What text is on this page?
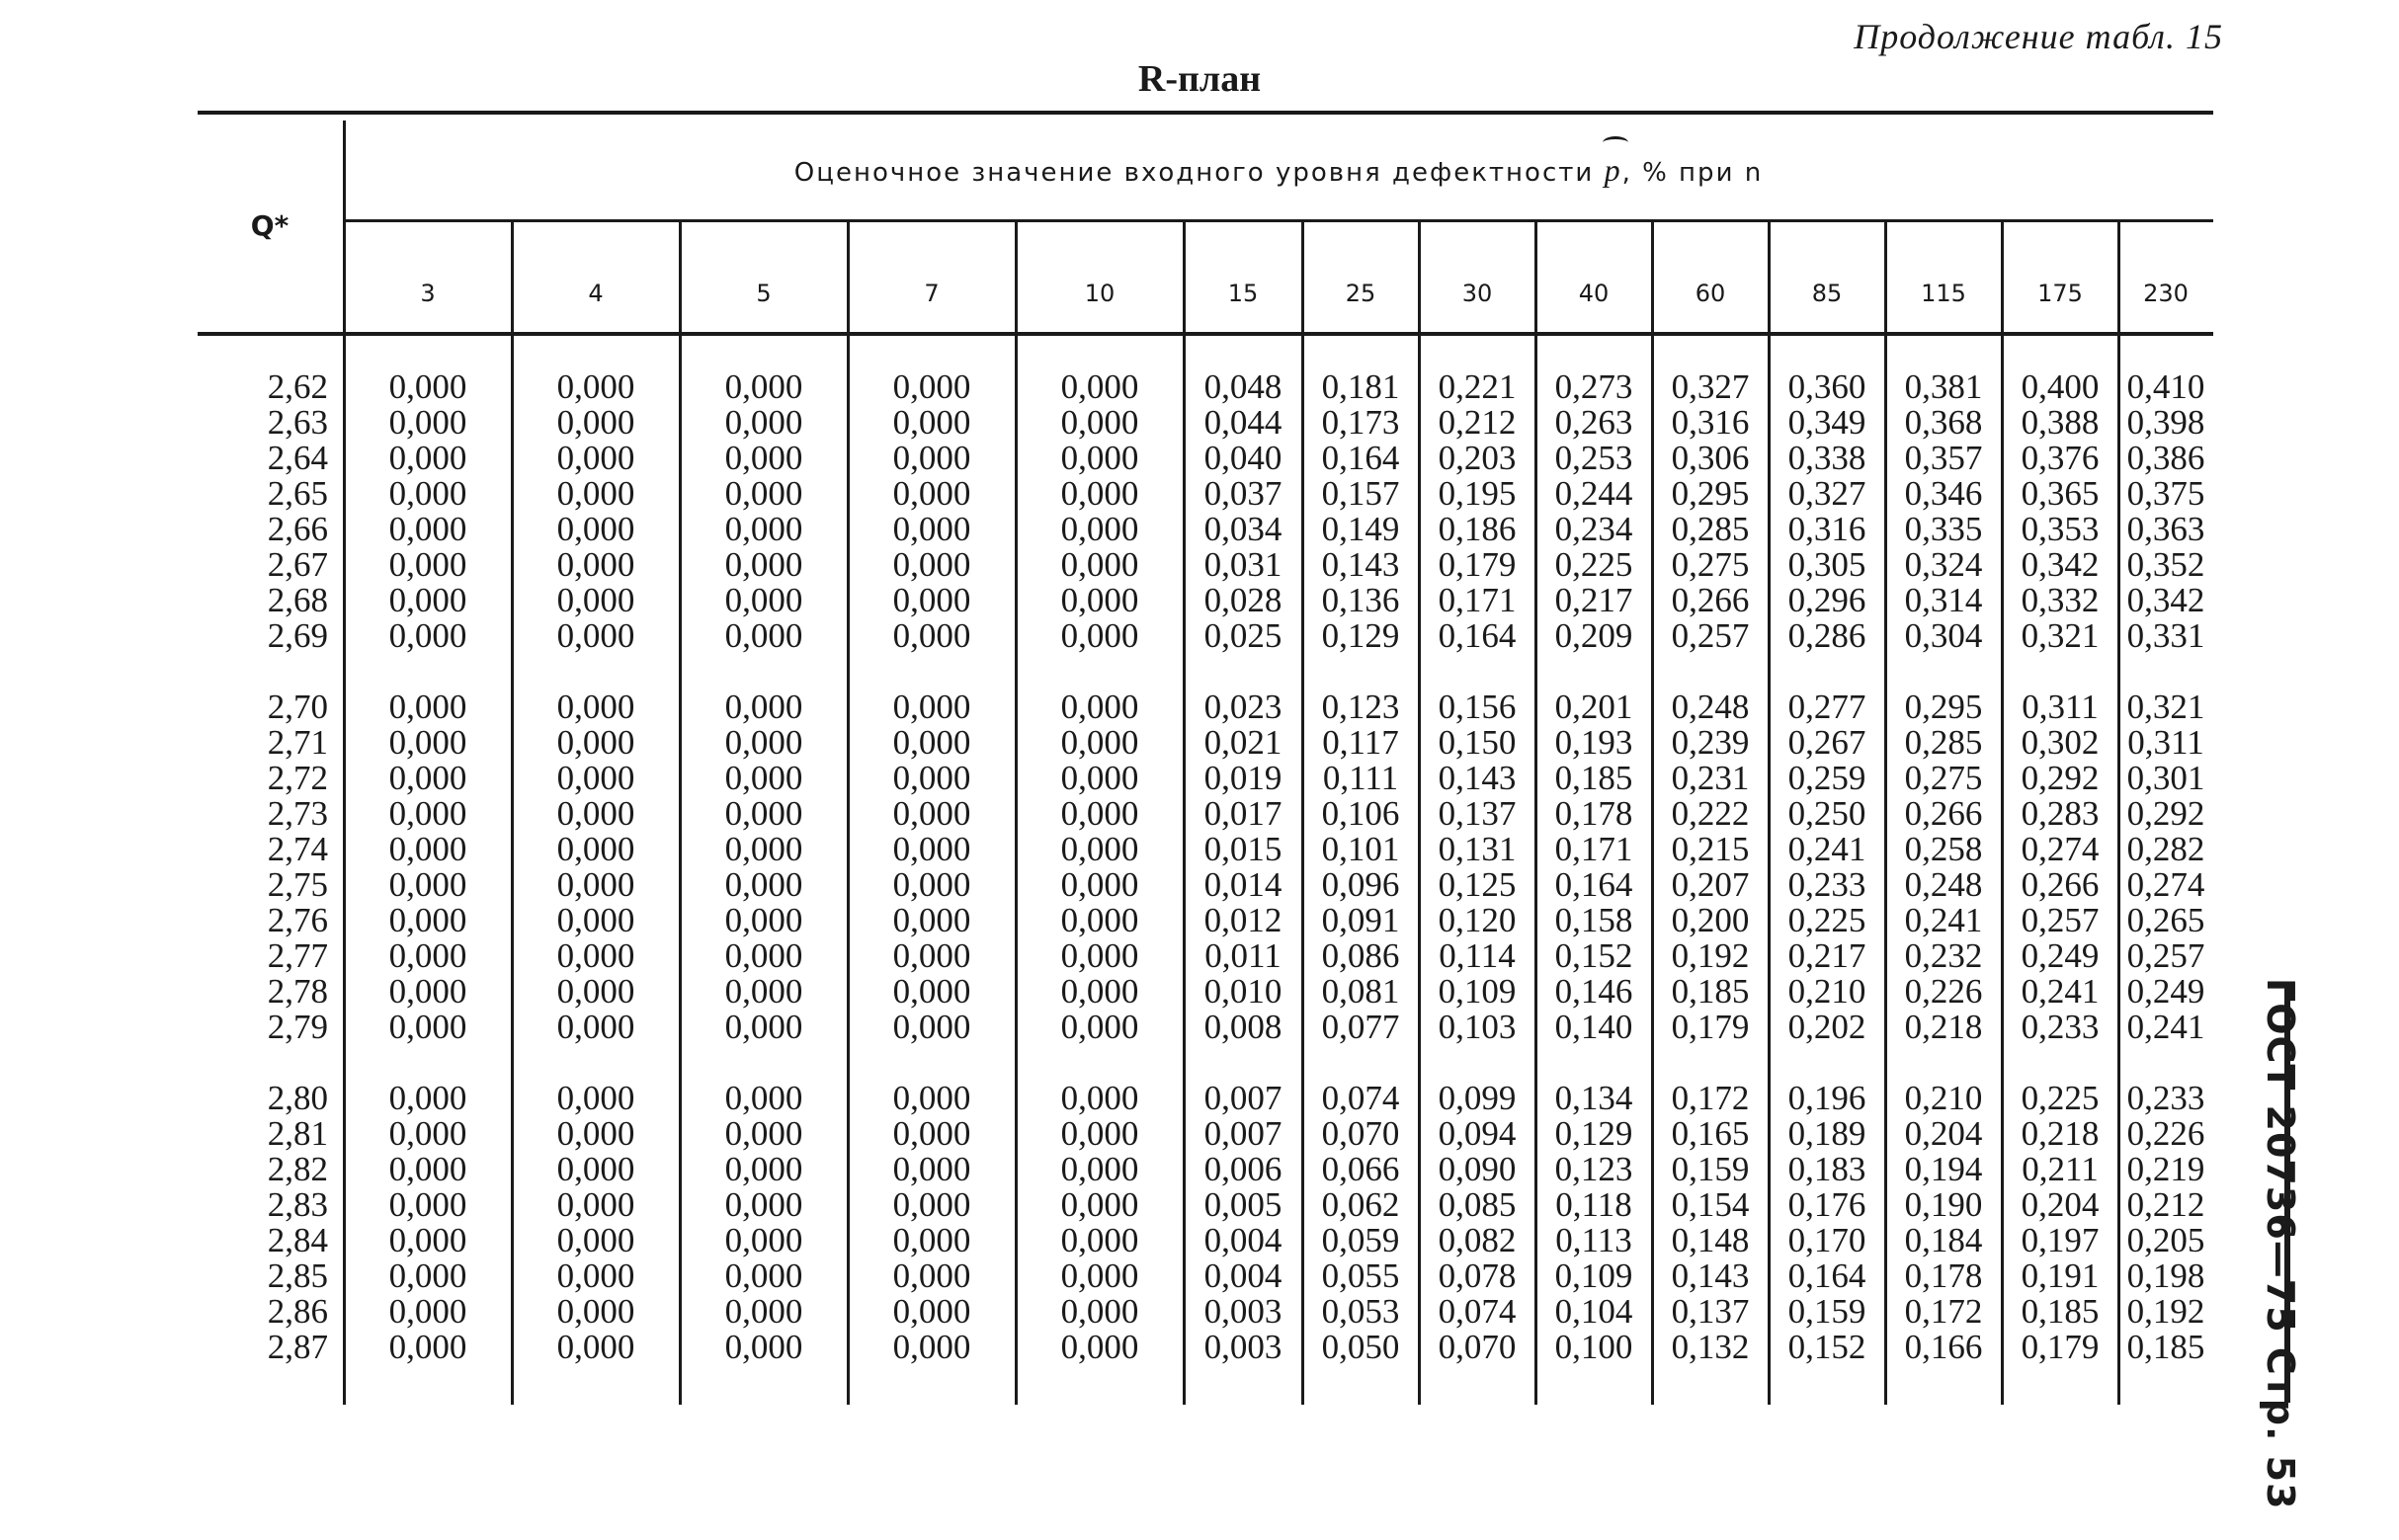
Продолжение табл. 15
R-план
Оценочное значение входного уровня дефектности p, % при n
Q*
3	4	5	7	10	15	25	30	40	60	85	115	175	230
2,62	0,000	0,000	0,000	0,000	0,000	0,048	0,181	0,221	0,273	0,327	0,360	0,381	0,400 0,410
2,63	0,000	0,000	0,000	0,000	0,000	0,044	0,173	0,212	0,263	0,316	0,349	0,368	0,388 0,398
2,64	0,000	0,000	0,000	0,000	0,000	0,040	0,164	0,203	0,253	0,306	0,338	0,357	0,376 0,386
2,65	0,000	0,000	0,000	0,000	0,000	0,037	0,157	0,195	0,244	0,295	0,327	0,346	0,365 0,375
2,66	0,000	0,000	0,000	0,000	0,000	0,034	0,149	0,186	0,234	0,285	0,316	0,335	0,353 0,363
2,67	0,000	0,000	0,000	0,000	0,000	0,031	0,143	0,179	0,225	0,275	0,305	0,324	0,342 0,352
2,68	0,000	0,000	0,000	0,000	0,000	0,028	0,136	0,171	0,217	0,266	0,296	0,314	0,332 0,342
2,69	0,000	0,000	0,000	0,000	0,000	0,025	0,129	0,164	0,209	0,257	0,286	0,304	0,321 0,331
2,70	0,000	0,000	0,000	0,000	0,000	0,023	0,123	0,156	0,201	0,248	0,277	0,295	0,311 0,321
2,71	0,000	0,000	0,000	0,000	0,000	0,021	0,117	0,150	0,193	0,239	0,267	0,285	0,302 0,311
2,72	0,000	0,000	0,000	0,000	0,000	0,019	0,111	0,143	0,185	0,231	0,259	0,275	0,292 0,301
2,73	0,000	0,000	0,000	0,000	0,000	0,017	0,106	0,137	0,178	0,222	0,250	0,266	0,283 0,292
2,74	0,000	0,000	0,000	0,000	0,000	0,015	0,101	0,131	0,171	0,215	0,241	0,258	0,274 0,282
2,75	0,000	0,000	0,000	0,000	0,000	0,014	0,096	0,125	0,164	0,207	0,233	0,248	0,266 0,274
2,76	0,000	0,000	0,000	0,000	0,000	0,012	0,091	0,120	0,158	0,200	0,225	0,241	0,257 0,265
2,77	0,000	0,000	0,000	0,000	0,000	0,011	0,086	0,114	0,152	0,192	0,217	0,232	0,249 0,257
2,78	0,000	0,000	0,000	0,000	0,000	0,010	0,081	0,109	0,146	0,185	0,210	0,226	0,241 0,249
2,79	0,000	0,000	0,000	0,000	0,000	0,008	0,077	0,103	0,140	0,179	0,202	0,218	0,233 0,241
2,80	0,000	0,000	0,000	0,000	0,000	0,007	0,074	0,099	0,134	0,172	0,196	0,210	0,225 0,233
2,81	0,000	0,000	0,000	0,000	0,000	0,007	0,070	0,094	0,129	0,165	0,189	0,204	0,218 0,226
2,82	0,000	0,000	0,000	0,000	0,000	0,006	0,066	0,090	0,123	0,159	0,183	0,194	0,211 0,219
2,83	0,000	0,000	0,000	0,000	0,000	0,005	0,062	0,085	0,118	0,154	0,176	0,190	0,204 0,212
2,84	0,000	0,000	0,000	0,000	0,000	0,004	0,059	0,082	0,113	0,148	0,170	0,184	0,197 0,205
2,85	0,000	0,000	0,000	0,000	0,000	0,004	0,055	0,078	0,109	0,143	0,164	0,178	0,191 0,198
2,86	0,000	0,000	0,000	0,000	0,000	0,003	0,053	0,074	0,104	0,137	0,159	0,172	0,185 0,192
2,87	0,000	0,000	0,000	0,000	0,000	0,003	0,050	0,070	0,100	0,132	0,152	0,166	0,179 0,185 ГОСТ 20736—75 Стр. 53
